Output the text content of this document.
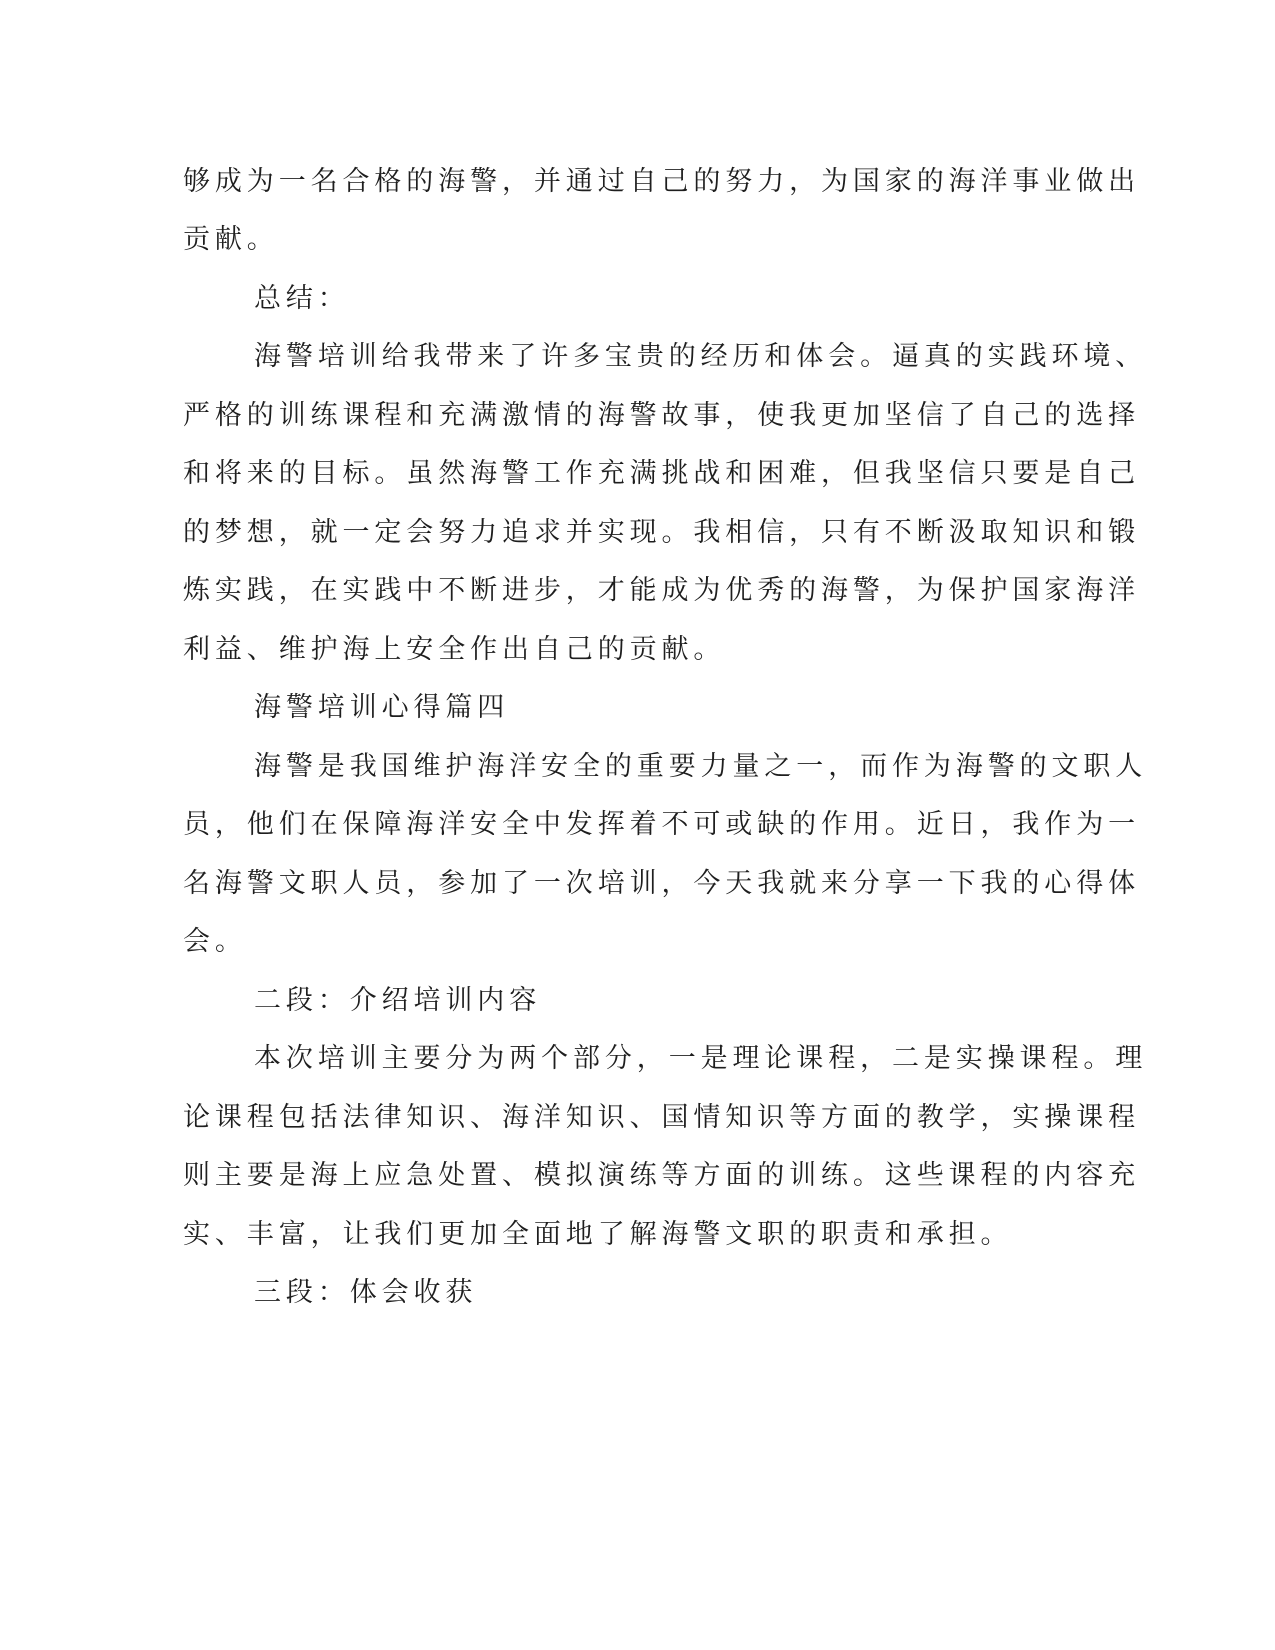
够成为一名合格的海警，并通过自己的努力，为国家的海洋事业做出
贡献。
总结：
海警培训给我带来了许多宝贵的经历和体会。逼真的实践环境、
严格的训练课程和充满激情的海警故事，使我更加坚信了自己的选择
和将来的目标。虽然海警工作充满挑战和困难，但我坚信只要是自己
的梦想，就一定会努力追求并实现。我相信，只有不断汲取知识和锻
炼实践，在实践中不断进步，才能成为优秀的海警，为保护国家海洋
利益、维护海上安全作出自己的贡献。
海警培训心得篇四
海警是我国维护海洋安全的重要力量之一，而作为海警的文职人
员，他们在保障海洋安全中发挥着不可或缺的作用。近日，我作为一
名海警文职人员，参加了一次培训，今天我就来分享一下我的心得体
会。
二段：介绍培训内容
本次培训主要分为两个部分，一是理论课程，二是实操课程。理
论课程包括法律知识、海洋知识、国情知识等方面的教学，实操课程
则主要是海上应急处置、模拟演练等方面的训练。这些课程的内容充
实、丰富，让我们更加全面地了解海警文职的职责和承担。
三段：体会收获
